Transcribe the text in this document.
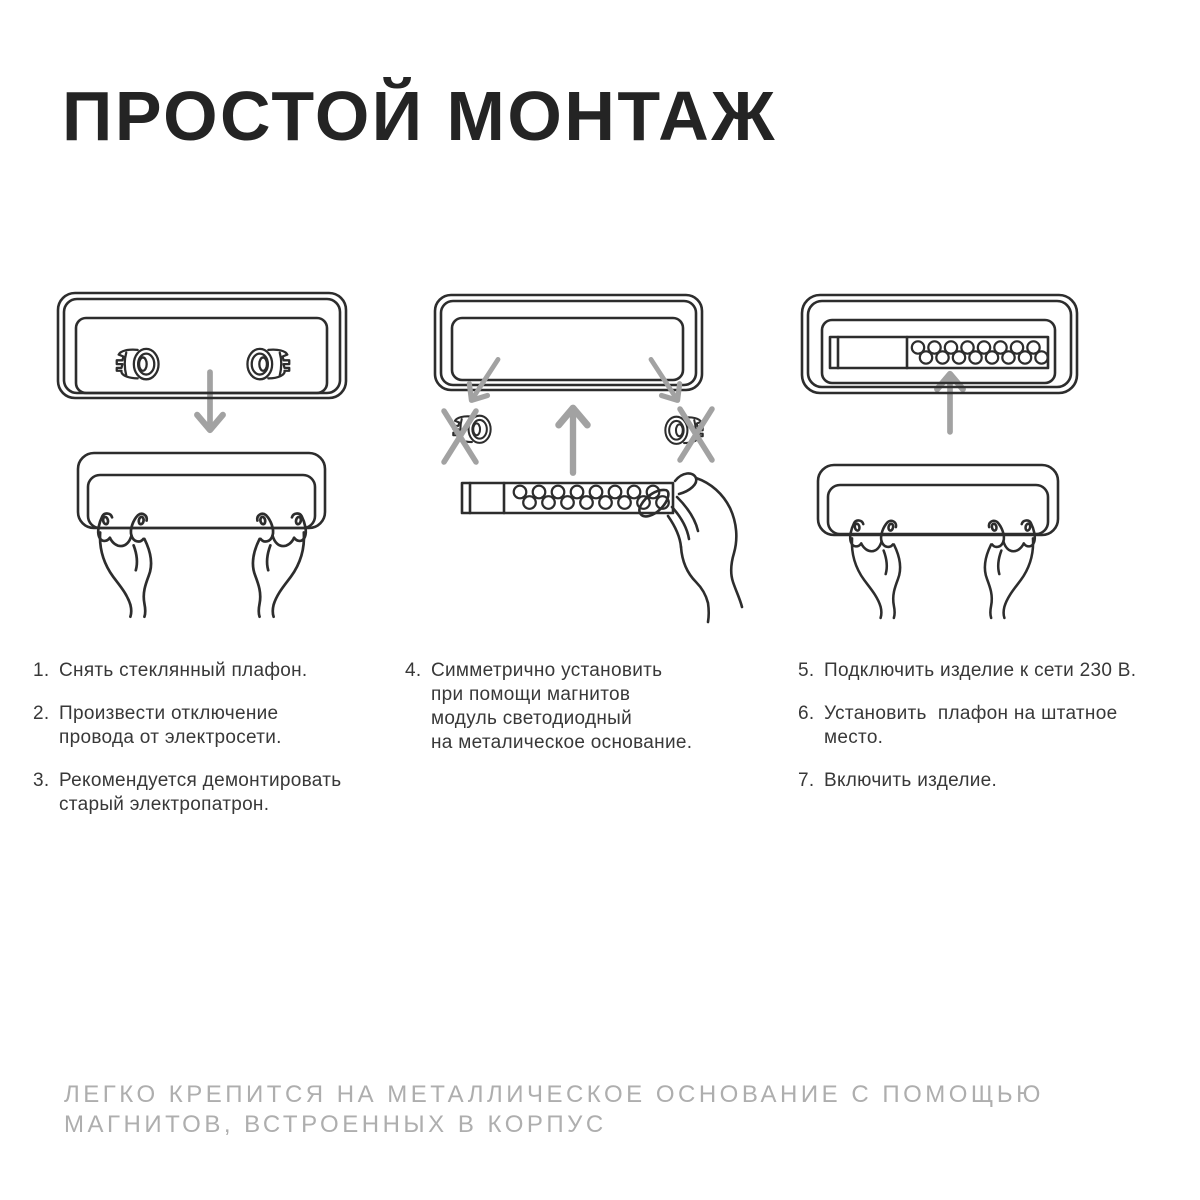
ПРОСТОЙ МОНТАЖ
1. Снять стеклянный плафон.
2. Произвести отключение
провода от электросети.
3. Рекомендуется демонтировать
старый электропатрон.
4. Симметрично установить
при помощи магнитов
модуль светодиодный
на металическое основание.
5. Подключить изделие к сети 230 В.
6. Установить  плафон на штатное
место.
7. Включить изделие.

ЛЕГКО КРЕПИТСЯ НА МЕТАЛЛИЧЕСКОЕ ОСНОВАНИЕ С ПОМОЩЬЮ
МАГНИТОВ, ВСТРОЕННЫХ В КОРПУС
